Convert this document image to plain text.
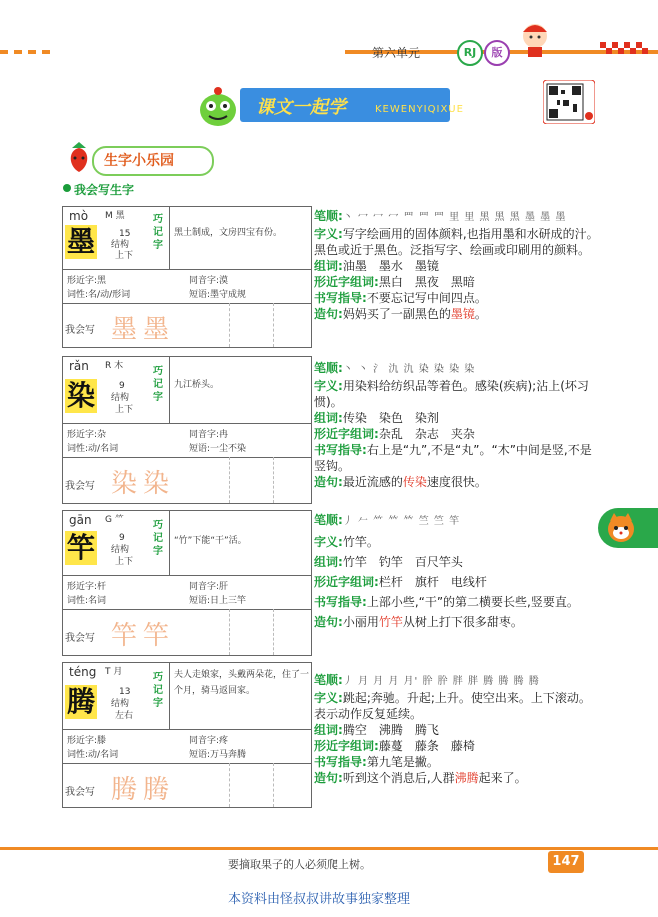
第六单元	RJ	版
课文一起学	KEWENYIQIXUE
生字小乐园
我会写生字
mò M 黑
墨	15
结构
上下
巧记字
黑土制成，文房四宝有份。
形近字:黑	同音字:漠
词性:名/动/形词	短语:墨守成规
我会写 墨墨
rǎn R 木
染	9
结构
上下
巧记字
九江桥头。
形近字:杂	同音字:冉
词性:动/名词	短语:一尘不染
我会写 染染
gān G ⺮
竿	9
结构
上下
巧记字
“竹”下能“干”活。
形近字:杆	同音字:肝
词性:名词	短语:日上三竿
我会写 竿竿
téng T 月
腾	13
结构
左右
巧记字
夫人走娘家，头戴两朵花，住了一个月，骑马返回家。
形近字:滕	同音字:疼
词性:动/名词	短语:万马奔腾
我会写 腾腾
笔顺:丶 冖 冖 冖 罒 罒 罒 里 里 黑 黑 黑 墨 墨 墨
字义:写字绘画用的固体颜料,也指用墨和水研成的汁。黑色或近于黑色。泛指写字、绘画或印刷用的颜料。
组词:油墨　墨水　墨镜
形近字组词:黑白　黑夜　黑暗
书写指导:不要忘记写中间四点。
造句:妈妈买了一副黑色的墨镜。
笔顺:丶 丶 氵 氿 氿 染 染 染 染
字义:用染料给纺织品等着色。感染(疾病);沾上(坏习惯)。
组词:传染　染色　染剂
形近字组词:杂乱　杂志　夹杂
书写指导:右上是“九”,不是“丸”。“木”中间是竖,不是竖钩。
造句:最近流感的传染速度很快。
笔顺:丿 𠂉 ⺮ 𥫗 𥫗 竺 竺 竿
字义:竹竿。
组词:竹竿　钓竿　百尺竿头
形近字组词:栏杆　旗杆　电线杆
书写指导:上部小些,“干”的第二横要长些,竖要直。
造句:小丽用竹竿从树上打下很多甜枣。
笔顺:丿 月 月 月 月' 肸 肸 胖 胖 腾 腾 腾 腾
字义:跳起;奔驰。升起;上升。使空出来。上下滚动。表示动作反复延续。
组词:腾空　沸腾　腾飞
形近字组词:藤蔓　藤条　藤椅
书写指导:第九笔是撇。
造句:听到这个消息后,人群沸腾起来了。
要摘取果子的人必须爬上树。	147
本资料由怪叔叔讲故事独家整理
